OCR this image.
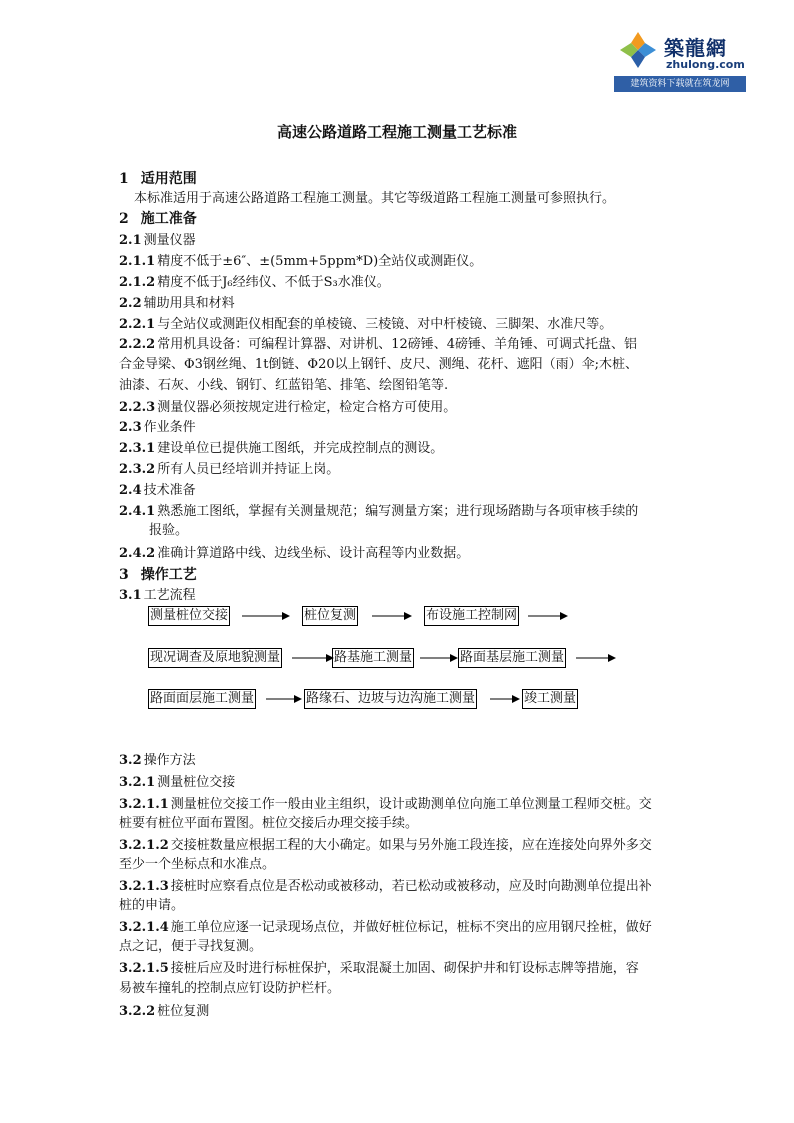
築龍網
zhulong.com
建筑资料下载就在筑龙网
高速公路道路工程施工测量工艺标准
1 适用范围
本标准适用于高速公路道路工程施工测量。其它等级道路工程施工测量可参照执行。
2 施工准备
2.1 测量仪器
2.1.1 精度不低于±6″、±(5mm+5ppm*D)全站仪或测距仪。
2.1.2 精度不低于J₆经纬仪、不低于S₃水准仪。
2.2 辅助用具和材料
2.2.1 与全站仪或测距仪相配套的单棱镜、三棱镜、对中杆棱镜、三脚架、水准尺等。
2.2.2 常用机具设备：可编程计算器、对讲机、12磅锤、4磅锤、羊角锤、可调式托盘、铝
合金导梁、Φ3钢丝绳、1t倒链、Φ20以上钢钎、皮尺、测绳、花杆、遮阳（雨）伞;木桩、
油漆、石灰、小线、钢钉、红蓝铅笔、排笔、绘图铅笔等.
2.2.3 测量仪器必须按规定进行检定，检定合格方可使用。
2.3 作业条件
2.3.1 建设单位已提供施工图纸，并完成控制点的测设。
2.3.2 所有人员已经培训并持证上岗。
2.4 技术准备
2.4.1 熟悉施工图纸，掌握有关测量规范；编写测量方案；进行现场踏勘与各项审核手续的
报验。
2.4.2 准确计算道路中线、边线坐标、设计高程等内业数据。
3 操作工艺
3.1 工艺流程
测量桩位交接	桩位复测	布设施工控制网
现况调查及原地貌测量	路基施工测量	路面基层施工测量
路面面层施工测量	路缘石、边坡与边沟施工测量	竣工测量
3.2 操作方法
3.2.1 测量桩位交接
3.2.1.1 测量桩位交接工作一般由业主组织，设计或勘测单位向施工单位测量工程师交桩。交
桩要有桩位平面布置图。桩位交接后办理交接手续。
3.2.1.2 交接桩数量应根据工程的大小确定。如果与另外施工段连接，应在连接处向界外多交
至少一个坐标点和水准点。
3.2.1.3 接桩时应察看点位是否松动或被移动，若已松动或被移动，应及时向勘测单位提出补
桩的申请。
3.2.1.4 施工单位应逐一记录现场点位，并做好桩位标记，桩标不突出的应用钢尺拴桩，做好
点之记，便于寻找复测。
3.2.1.5 接桩后应及时进行标桩保护，采取混凝土加固、砌保护井和钉设标志牌等措施，容
易被车撞轧的控制点应钉设防护栏杆。
3.2.2 桩位复测
